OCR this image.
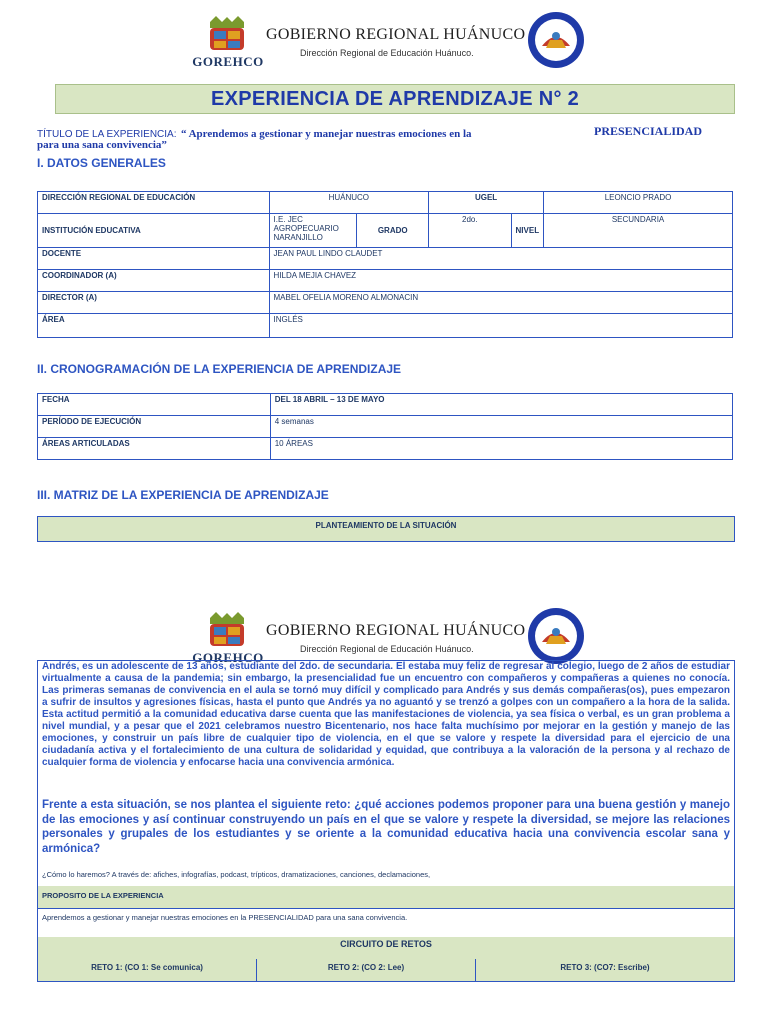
GOREHCO
GOBIERNO REGIONAL HUÁNUCO
Dirección Regional de Educación Huánuco.
EXPERIENCIA DE APRENDIZAJE N° 2
TÍTULO DE LA EXPERIENCIA: “ Aprendemos a gestionar y manejar nuestras emociones en la
para una sana convivencia”
PRESENCIALIDAD
I. DATOS GENERALES
DIRECCIÓN REGIONAL DE EDUCACIÓN	HUÁNUCO		UGEL		LEONCIO PRADO
INSTITUCIÓN EDUCATIVA	I.E. JEC AGROPECUARIO NARANJILLO	GRADO	2do.	NIVEL	SECUNDARIA
DOCENTE	JEAN PAUL LINDO CLAUDET				
COORDINADOR (A)	HILDA MEJIA CHAVEZ				
DIRECTOR (A)	MABEL OFELIA MORENO ALMONACIN				
ÁREA	INGLÉS				
II. CRONOGRAMACIÓN DE LA EXPERIENCIA DE APRENDIZAJE
FECHA	DEL 18 ABRIL – 13 DE MAYO
PERÍODO DE EJECUCIÓN	4 semanas
ÁREAS ARTICULADAS	10 ÁREAS
III. MATRIZ DE LA EXPERIENCIA DE APRENDIZAJE
PLANTEAMIENTO DE LA SITUACIÓN
GOREHCO
GOBIERNO REGIONAL HUÁNUCO
Dirección Regional de Educación Huánuco.

Andrés, es un adolescente de 13 años, estudiante del 2do. de secundaria. El estaba muy feliz de regresar al colegio, luego de 2 años de estudiar virtualmente a causa de la pandemia; sin embargo, la presencialidad fue un encuentro con compañeros y compañeras a quienes no conocía. Las primeras semanas de convivencia en el aula se tornó muy difícil y complicado para Andrés y sus demás compañeras(os), pues empezaron a sufrir de insultos y agresiones físicas, hasta el punto que Andrés ya no aguantó y se trenzó a golpes con un compañero a la hora de la salida. Esta actitud permitió a la comunidad educativa darse cuenta que las manifestaciones de violencia, ya sea física o verbal, es un gran problema a nivel mundial, y a pesar que el 2021 celebramos nuestro Bicentenario, nos hace falta muchísimo por mejorar en la gestión y manejo de las emociones, y construir un país libre de cualquier tipo de violencia, en el que se valore y respete la diversidad para el ejercicio de una ciudadanía activa y el fortalecimiento de una cultura de solidaridad y equidad, que contribuya a la valoración de la persona y al rechazo de cualquier forma de violencia y enfocarse hacia una convivencia armónica.

Frente a esta situación, se nos plantea el siguiente reto: ¿qué acciones podemos proponer para una buena gestión y manejo de las emociones y así continuar construyendo un país en el que se valore y respete la diversidad, se mejore las relaciones personales y grupales de los estudiantes y se oriente a la comunidad educativa hacia una convivencia escolar sana y armónica?

¿Cómo lo haremos? A través de: afiches, infografías, podcast, trípticos, dramatizaciones, canciones, declamaciones,
PROPOSITO DE LA EXPERIENCIA
Aprendemos a gestionar y manejar nuestras emociones en la PRESENCIALIDAD para una sana convivencia.
CIRCUITO DE RETOS
RETO 1: (CO 1: Se comunica)	RETO 2: (CO 2: Lee)	RETO 3: (CO7: Escribe)
